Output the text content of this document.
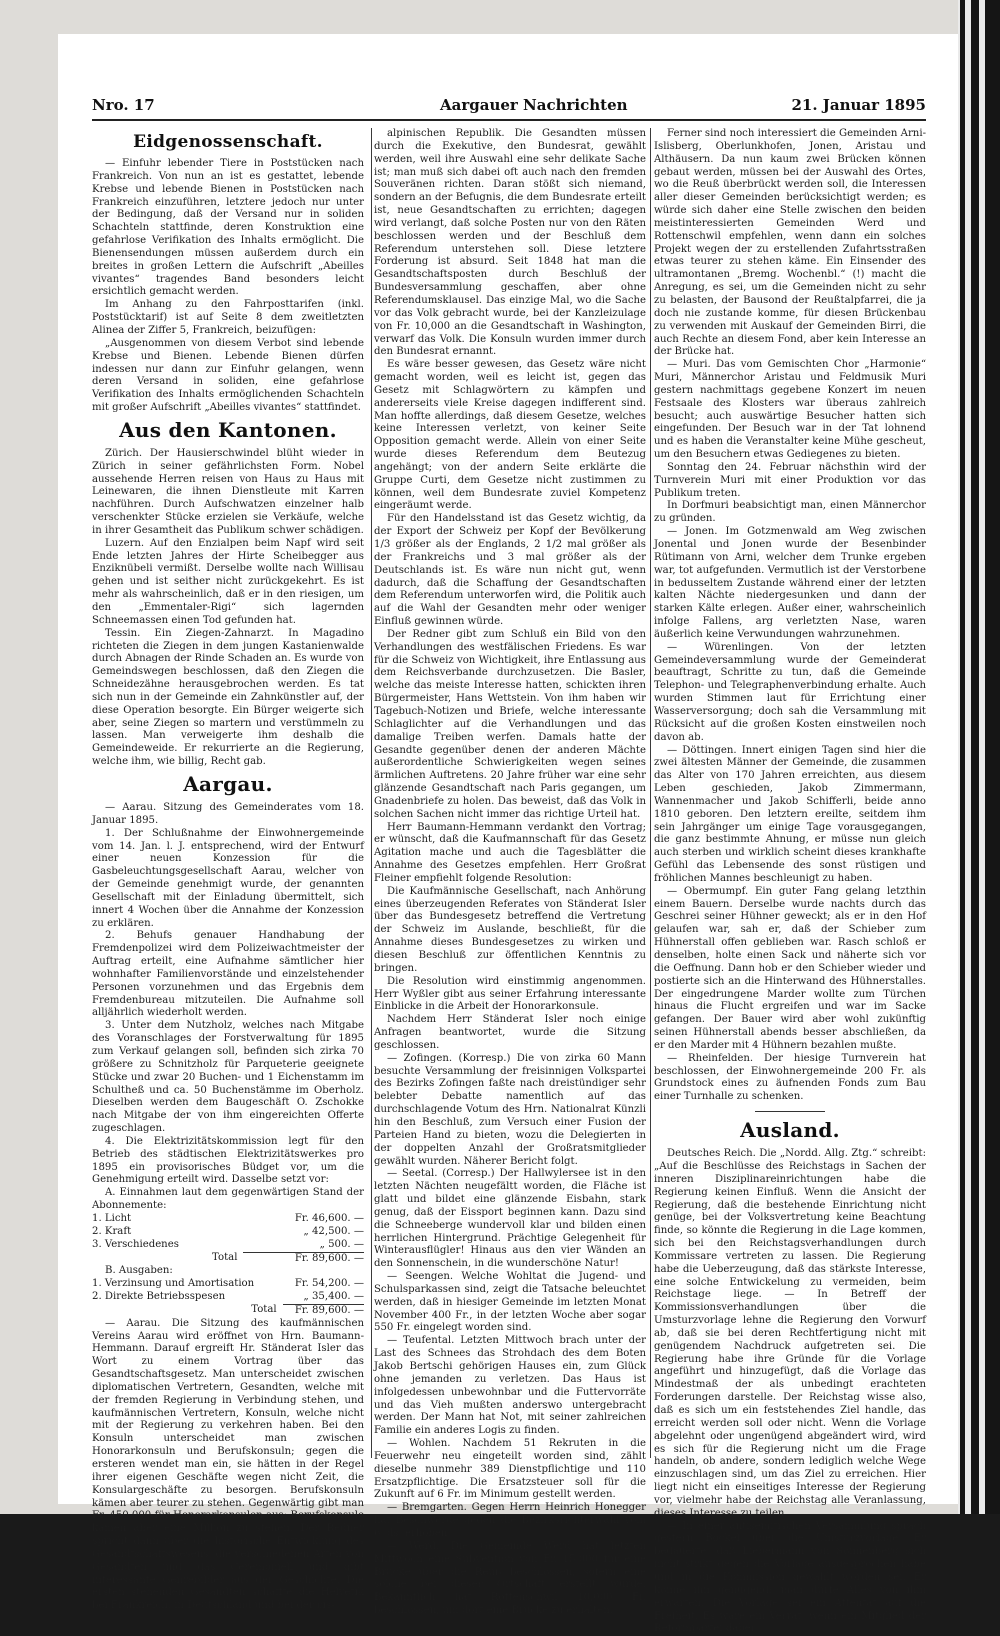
Nro. 17	Aargauer Nachrichten	21. Januar 1895
Eidgenossenschaft.

— Einfuhr lebender Tiere in Poststücken nach Frankreich. Von nun an ist es gestattet, lebende Krebse und lebende Bienen in Poststücken nach Frankreich einzuführen, letztere jedoch nur unter der Bedingung, daß der Versand nur in soliden Schachteln stattfinde, deren Konstruktion eine gefahrlose Verifikation des Inhalts ermöglicht. Die Bienensendungen müssen außerdem durch ein breites in großen Lettern die Aufschrift „Abeilles vivantes“ tragendes Band besonders leicht ersichtlich gemacht werden.

Im Anhang zu den Fahrposttarifen (inkl. Poststücktarif) ist auf Seite 8 dem zweitletzten Alinea der Ziffer 5, Frankreich, beizufügen:

„Ausgenommen von diesem Verbot sind lebende Krebse und Bienen. Lebende Bienen dürfen indessen nur dann zur Einfuhr gelangen, wenn deren Versand in soliden, eine gefahrlose Verifikation des Inhalts ermöglichenden Schachteln mit großer Aufschrift „Abeilles vivantes“ stattfindet.

Aus den Kantonen.

Zürich. Der Hausierschwindel blüht wieder in Zürich in seiner gefährlichsten Form. Nobel aussehende Herren reisen von Haus zu Haus mit Leinewaren, die ihnen Dienstleute mit Karren nachführen. Durch Aufschwatzen einzelner halb verschenkter Stücke erzielen sie Verkäufe, welche in ihrer Gesamtheit das Publikum schwer schädigen.

Luzern. Auf den Enzialpen beim Napf wird seit Ende letzten Jahres der Hirte Scheibegger aus Enziknübeli vermißt. Derselbe wollte nach Willisau gehen und ist seither nicht zurückgekehrt. Es ist mehr als wahrscheinlich, daß er in den riesigen, um den „Emmentaler-Rigi“ sich lagernden Schneemassen einen Tod gefunden hat.

Tessin. Ein Ziegen-Zahnarzt. In Magadino richteten die Ziegen in dem jungen Kastanienwalde durch Abnagen der Rinde Schaden an. Es wurde von Gemeindswegen beschlossen, daß den Ziegen die Schneidezähne herausgebrochen werden. Es tat sich nun in der Gemeinde ein Zahnkünstler auf, der diese Operation besorgte. Ein Bürger weigerte sich aber, seine Ziegen so martern und verstümmeln zu lassen. Man verweigerte ihm deshalb die Gemeindeweide. Er rekurrierte an die Regierung, welche ihm, wie billig, Recht gab.

Aargau.

— Aarau. Sitzung des Gemeinderates vom 18. Januar 1895.

1. Der Schlußnahme der Einwohnergemeinde vom 14. Jan. l. J. entsprechend, wird der Entwurf einer neuen Konzession für die Gasbeleuchtungsgesellschaft Aarau, welcher von der Gemeinde genehmigt wurde, der genannten Gesellschaft mit der Einladung übermittelt, sich innert 4 Wochen über die Annahme der Konzession zu erklären.

2. Behufs genauer Handhabung der Fremdenpolizei wird dem Polizeiwachtmeister der Auftrag erteilt, eine Aufnahme sämtlicher hier wohnhafter Familienvorstände und einzelstehender Personen vorzunehmen und das Ergebnis dem Fremdenbureau mitzuteilen. Die Aufnahme soll alljährlich wiederholt werden.

3. Unter dem Nutzholz, welches nach Mitgabe des Voranschlages der Forstverwaltung für 1895 zum Verkauf gelangen soll, befinden sich zirka 70 größere zu Schnitzholz für Parqueterie geeignete Stücke und zwar 20 Buchen- und 1 Eichenstamm im Schultheß und ca. 50 Buchenstämme im Oberholz. Dieselben werden dem Baugeschäft O. Zschokke nach Mitgabe der von ihm eingereichten Offerte zugeschlagen.

4. Die Elektrizitätskommission legt für den Betrieb des städtischen Elektrizitätswerkes pro 1895 ein provisorisches Büdget vor, um die Genehmigung erteilt wird. Dasselbe setzt vor:

A. Einnahmen laut dem gegenwärtigen Stand der Abonnemente:

1. Licht	Fr. 46,600. —
2. Kraft	„ 42,500. —
3. Verschiedenes	„ 500. —
Total	Fr. 89,600. —

B. Ausgaben:

1. Verzinsung und Amortisation	Fr. 54,200. —
2. Direkte Betriebsspesen	„ 35,400. —
Total	Fr. 89,600. —

— Aarau. Die Sitzung des kaufmännischen Vereins Aarau wird eröffnet von Hrn. Baumann-Hemmann. Darauf ergreift Hr. Ständerat Isler das Wort zu einem Vortrag über das Gesandtschaftsgesetz. Man unterscheidet zwischen diplomatischen Vertretern, Gesandten, welche mit der fremden Regierung in Verbindung stehen, und kaufmännischen Vertretern, Konsuln, welche nicht mit der Regierung zu verkehren haben. Bei den Konsuln unterscheidet man zwischen Honorarkonsuln und Berufskonsuln; gegen die ersteren wendet man ein, sie hätten in der Regel ihrer eigenen Geschäfte wegen nicht Zeit, die Konsulargeschäfte zu besorgen. Berufskonsuln kämen aber teurer zu stehen. Gegenwärtig gibt man Fr. 450,000 für Honorarkonsulen aus; Berufskonsule kämen aber eine Million zu stehen. Der Redner spricht dann über die historische Entwicklung des Gesandtschaftswesens, die verschiedenen Arten von Gesandten und das Ceremoniell und gibt interessante Genrebilder aus der Geschichte. Die ersten stehenden Gesandten schaffte die Helvetik bei Frankreich, in Deutschland und bei der cis-

alpinischen Republik. Die Gesandten müssen durch die Exekutive, den Bundesrat, gewählt werden, weil ihre Auswahl eine sehr delikate Sache ist; man muß sich dabei oft auch nach den fremden Souveränen richten. Daran stößt sich niemand, sondern an der Befugnis, die dem Bundesrate erteilt ist, neue Gesandtschaften zu errichten; dagegen wird verlangt, daß solche Posten nur von den Räten beschlossen werden und der Beschluß dem Referendum unterstehen soll. Diese letztere Forderung ist absurd. Seit 1848 hat man die Gesandtschaftsposten durch Beschluß der Bundesversammlung geschaffen, aber ohne Referendumsklausel. Das einzige Mal, wo die Sache vor das Volk gebracht wurde, bei der Kanzleizulage von Fr. 10,000 an die Gesandtschaft in Washington, verwarf das Volk. Die Konsuln wurden immer durch den Bundesrat ernannt.

Es wäre besser gewesen, das Gesetz wäre nicht gemacht worden, weil es leicht ist, gegen das Gesetz mit Schlagwörtern zu kämpfen und andererseits viele Kreise dagegen indifferent sind. Man hoffte allerdings, daß diesem Gesetze, welches keine Interessen verletzt, von keiner Seite Opposition gemacht werde. Allein von einer Seite wurde dieses Referendum dem Beutezug angehängt; von der andern Seite erklärte die Gruppe Curti, dem Gesetze nicht zustimmen zu können, weil dem Bundesrate zuviel Kompetenz eingeräumt werde.

Für den Handelsstand ist das Gesetz wichtig, da der Export der Schweiz per Kopf der Bevölkerung 1/3 größer als der Englands, 2 1/2 mal größer als der Frankreichs und 3 mal größer als der Deutschlands ist. Es wäre nun nicht gut, wenn dadurch, daß die Schaffung der Gesandtschaften dem Referendum unterworfen wird, die Politik auch auf die Wahl der Gesandten mehr oder weniger Einfluß gewinnen würde.

Der Redner gibt zum Schluß ein Bild von den Verhandlungen des westfälischen Friedens. Es war für die Schweiz von Wichtigkeit, ihre Entlassung aus dem Reichsverbande durchzusetzen. Die Basler, welche das meiste Interesse hatten, schickten ihren Bürgermeister, Hans Wettstein. Von ihm haben wir Tagebuch-Notizen und Briefe, welche interessante Schlaglichter auf die Verhandlungen und das damalige Treiben werfen. Damals hatte der Gesandte gegenüber denen der anderen Mächte außerordentliche Schwierigkeiten wegen seines ärmlichen Auftretens. 20 Jahre früher war eine sehr glänzende Gesandtschaft nach Paris gegangen, um Gnadenbriefe zu holen. Das beweist, daß das Volk in solchen Sachen nicht immer das richtige Urteil hat.

Herr Baumann-Hemmann verdankt den Vortrag; er wünscht, daß die Kaufmannschaft für das Gesetz Agitation mache und auch die Tagesblätter die Annahme des Gesetzes empfehlen. Herr Großrat Fleiner empfiehlt folgende Resolution:

Die Kaufmännische Gesellschaft, nach Anhörung eines überzeugenden Referates von Ständerat Isler über das Bundesgesetz betreffend die Vertretung der Schweiz im Auslande, beschließt, für die Annahme dieses Bundesgesetzes zu wirken und diesen Beschluß zur öffentlichen Kenntnis zu bringen.

Die Resolution wird einstimmig angenommen. Herr Wyßler gibt aus seiner Erfahrung interessante Einblicke in die Arbeit der Honorarkonsule.

Nachdem Herr Ständerat Isler noch einige Anfragen beantwortet, wurde die Sitzung geschlossen.

— Zofingen. (Korresp.) Die von zirka 60 Mann besuchte Versammlung der freisinnigen Volkspartei des Bezirks Zofingen faßte nach dreistündiger sehr belebter Debatte namentlich auf das durchschlagende Votum des Hrn. Nationalrat Künzli hin den Beschluß, zum Versuch einer Fusion der Parteien Hand zu bieten, wozu die Delegierten in der doppelten Anzahl der Großratsmitglieder gewählt wurden. Näherer Bericht folgt.

— Seetal. (Corresp.) Der Hallwylersee ist in den letzten Nächten neugefältt worden, die Fläche ist glatt und bildet eine glänzende Eisbahn, stark genug, daß der Eissport beginnen kann. Dazu sind die Schneeberge wundervoll klar und bilden einen herrlichen Hintergrund. Prächtige Gelegenheit für Winterausflügler! Hinaus aus den vier Wänden an den Sonnenschein, in die wunderschöne Natur!

— Seengen. Welche Wohltat die Jugend- und Schulsparkassen sind, zeigt die Tatsache beleuchtet werden, daß in hiesiger Gemeinde im letzten Monat November 400 Fr., in der letzten Woche aber sogar 550 Fr. eingelegt worden sind.

— Teufental. Letzten Mittwoch brach unter der Last des Schnees das Strohdach des dem Boten Jakob Bertschi gehörigen Hauses ein, zum Glück ohne jemanden zu verletzen. Das Haus ist infolgedessen unbewohnbar und die Futtervorräte und das Vieh mußten anderswo untergebracht werden. Der Mann hat Not, mit seiner zahlreichen Familie ein anderes Logis zu finden.

— Wohlen. Nachdem 51 Rekruten in die Feuerwehr neu eingeteilt worden sind, zählt dieselbe nunmehr 389 Dienstpflichtige und 110 Ersatzpflichtige. Die Ersatzsteuer soll für die Zukunft auf 6 Fr. im Minimum gestellt werden.

— Bremgarten. Gegen Herrn Heinrich Honegger hat Beschwerde gegen die Bezirksrichterwahl vom 6. ds. erhoben.

— Werd. Die Gemeinde Werd hat letzten Mittwoch eine Subvention von Fr. 15,000 für eine Brücke über die Reuß beschlossen, sofern eine solche bei dieser Ortschaft erstellt würde. Bekanntlich hat Rottenschwil 10,000 Fr. beschlossen, um dort eine Brücke zu erhalten.

Ferner sind noch interessiert die Gemeinden Arni-Islisberg, Oberlunkhofen, Jonen, Aristau und Althäusern. Da nun kaum zwei Brücken können gebaut werden, müssen bei der Auswahl des Ortes, wo die Reuß überbrückt werden soll, die Interessen aller dieser Gemeinden berücksichtigt werden; es würde sich daher eine Stelle zwischen den beiden meistinteressierten Gemeinden Werd und Rottenschwil empfehlen, wenn dann ein solches Projekt wegen der zu erstellenden Zufahrtsstraßen etwas teurer zu stehen käme. Ein Einsender des ultramontanen „Bremg. Wochenbl.“ (!) macht die Anregung, es sei, um die Gemeinden nicht zu sehr zu belasten, der Bausond der Reußtalpfarrei, die ja doch nie zustande komme, für diesen Brückenbau zu verwenden mit Auskauf der Gemeinden Birri, die auch Rechte an diesem Fond, aber kein Interesse an der Brücke hat.

— Muri. Das vom Gemischten Chor „Harmonie“ Muri, Männerchor Aristau und Feldmusik Muri gestern nachmittags gegebene Konzert im neuen Festsaale des Klosters war überaus zahlreich besucht; auch auswärtige Besucher hatten sich eingefunden. Der Besuch war in der Tat lohnend und es haben die Veranstalter keine Mühe gescheut, um den Besuchern etwas Gediegenes zu bieten.

Sonntag den 24. Februar nächsthin wird der Turnverein Muri mit einer Produktion vor das Publikum treten.

In Dorfmuri beabsichtigt man, einen Männerchor zu gründen.

— Jonen. Im Gotzmenwald am Weg zwischen Jonental und Jonen wurde der Besenbinder Rütimann von Arni, welcher dem Trunke ergeben war, tot aufgefunden. Vermutlich ist der Verstorbene in bedusseltem Zustande während einer der letzten kalten Nächte niedergesunken und dann der starken Kälte erlegen. Außer einer, wahrscheinlich infolge Fallens, arg verletzten Nase, waren äußerlich keine Verwundungen wahrzunehmen.

— Würenlingen. Von der letzten Gemeindeversammlung wurde der Gemeinderat beauftragt, Schritte zu tun, daß die Gemeinde Telephon- und Telegraphenverbindung erhalte. Auch wurden Stimmen laut für Errichtung einer Wasserversorgung; doch sah die Versammlung mit Rücksicht auf die großen Kosten einstweilen noch davon ab.

— Döttingen. Innert einigen Tagen sind hier die zwei ältesten Männer der Gemeinde, die zusammen das Alter von 170 Jahren erreichten, aus diesem Leben geschieden, Jakob Zimmermann, Wannenmacher und Jakob Schifferli, beide anno 1810 geboren. Den letztern ereilte, seitdem ihm sein Jahrgänger um einige Tage vorausgegangen, die ganz bestimmte Ahnung, er müsse nun gleich auch sterben und wirklich scheint dieses krankhafte Gefühl das Lebensende des sonst rüstigen und fröhlichen Mannes beschleunigt zu haben.

— Obermumpf. Ein guter Fang gelang letzthin einem Bauern. Derselbe wurde nachts durch das Geschrei seiner Hühner geweckt; als er in den Hof gelaufen war, sah er, daß der Schieber zum Hühnerstall offen geblieben war. Rasch schloß er denselben, holte einen Sack und näherte sich vor die Oeffnung. Dann hob er den Schieber wieder und postierte sich an die Hinterwand des Hühnerstalles. Der eingedrungene Marder wollte zum Türchen hinaus die Flucht ergreifen und war im Sacke gefangen. Der Bauer wird aber wohl zukünftig seinen Hühnerstall abends besser abschließen, da er den Marder mit 4 Hühnern bezahlen mußte.

— Rheinfelden. Der hiesige Turnverein hat beschlossen, der Einwohnergemeinde 200 Fr. als Grundstock eines zu äufnenden Fonds zum Bau einer Turnhalle zu schenken.

Ausland.

Deutsches Reich. Die „Nordd. Allg. Ztg.“ schreibt: „Auf die Beschlüsse des Reichstags in Sachen der inneren Disziplinareinrichtungen habe die Regierung keinen Einfluß. Wenn die Ansicht der Regierung, daß die bestehende Einrichtung nicht genüge, bei der Volksvertretung keine Beachtung finde, so könnte die Regierung in die Lage kommen, sich bei den Reichstagsverhandlungen durch Kommissare vertreten zu lassen. Die Regierung habe die Ueberzeugung, daß das stärkste Interesse, eine solche Entwickelung zu vermeiden, beim Reichstage liege. — In Betreff der Kommissionsverhandlungen über die Umsturzvorlage lehne die Regierung den Vorwurf ab, daß sie bei deren Rechtfertigung nicht mit genügendem Nachdruck aufgetreten sei. Die Regierung habe ihre Gründe für die Vorlage angeführt und hinzugefügt, daß die Vorlage das Mindestmaß der als unbedingt erachteten Forderungen darstelle. Der Reichstag wisse also, daß es sich um ein feststehendes Ziel handle, das erreicht werden soll oder nicht. Wenn die Vorlage abgelehnt oder ungenügend abgeändert wird, wird es sich für die Regierung nicht um die Frage handeln, ob andere, sondern lediglich welche Wege einzuschlagen sind, um das Ziel zu erreichen. Hier liegt nicht ein einseitiges Interesse der Regierung vor, vielmehr habe der Reichstag alle Veranlassung, dieses Interesse zu teilen.

— In einer antisemitischen Versammlung sprach gestern Böckel über die Umsturzvorlage. Er bedauerte, daß Liebermann von Sonnenberg sich nicht strikt gegen die Vorlage ausgesprochen habe und in die Kommission gewählt worden sei. Er könne ihn genügend: man dürfe Alles von ihm erwarten. Die Vorlage sei ein Attentat auf die Freiheit. Es wäre ein Verrat, wenn ein Mitglied der Reformpartei dabei
